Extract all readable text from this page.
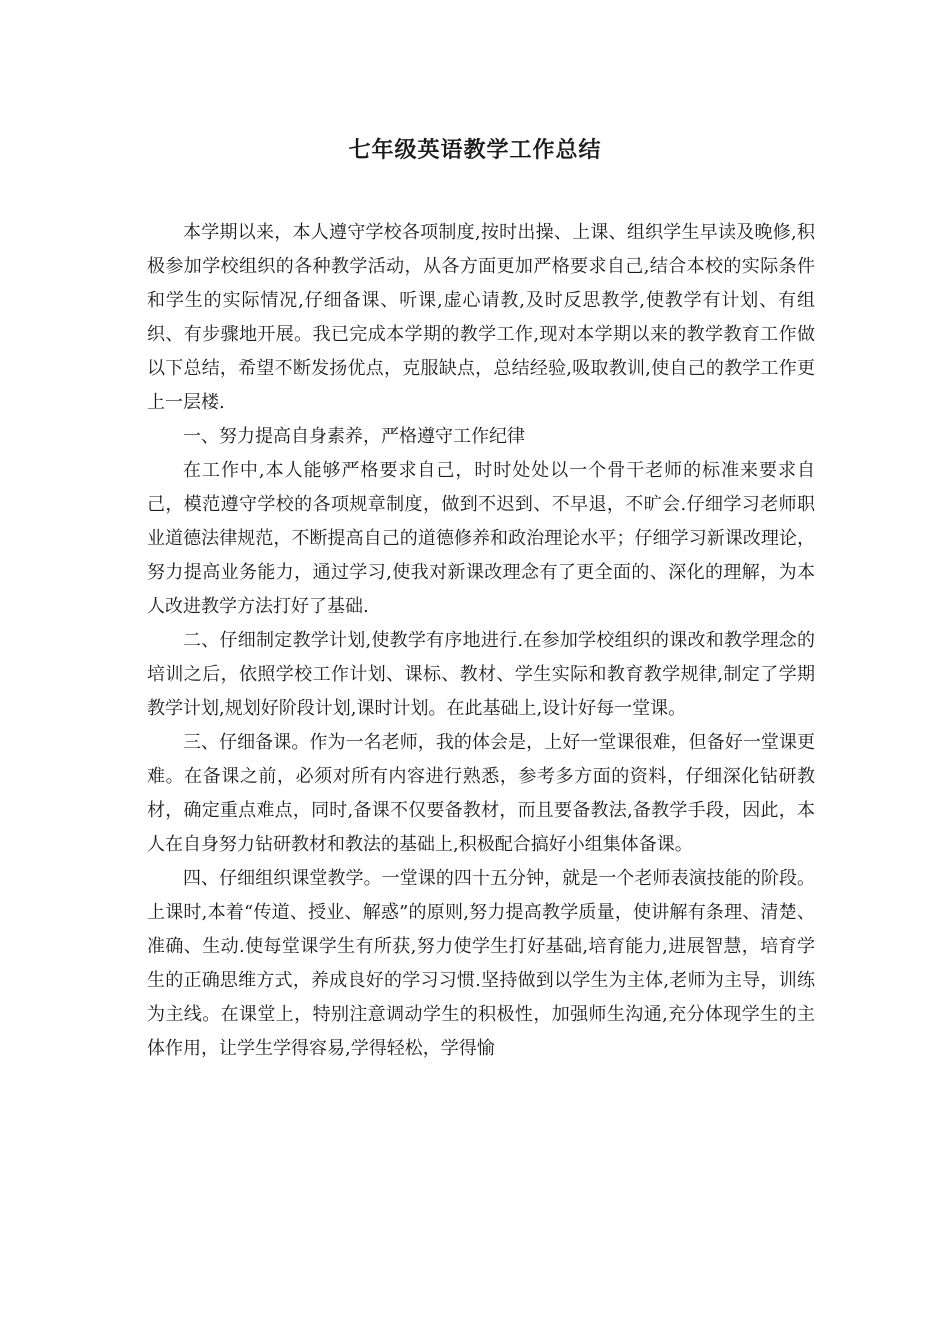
七年级英语教学工作总结

本学期以来，本人遵守学校各项制度,按时出操、上课、组织学生早读及晚修,积极参加学校组织的各种教学活动，从各方面更加严格要求自己,结合本校的实际条件和学生的实际情况,仔细备课、听课,虚心请教,及时反思教学,使教学有计划、有组织、有步骤地开展。我已完成本学期的教学工作,现对本学期以来的教学教育工作做以下总结，希望不断发扬优点，克服缺点，总结经验,吸取教训,使自己的教学工作更上一层楼.

一、努力提高自身素养，严格遵守工作纪律

在工作中,本人能够严格要求自己，时时处处以一个骨干老师的标准来要求自己，模范遵守学校的各项规章制度，做到不迟到、不早退，不旷会.仔细学习老师职业道德法律规范，不断提高自己的道德修养和政治理论水平；仔细学习新课改理论，努力提高业务能力，通过学习,使我对新课改理念有了更全面的、深化的理解，为本人改进教学方法打好了基础.

二、仔细制定教学计划,使教学有序地进行.在参加学校组织的课改和教学理念的培训之后，依照学校工作计划、课标、教材、学生实际和教育教学规律,制定了学期教学计划,规划好阶段计划,课时计划。在此基础上,设计好每一堂课。

三、仔细备课。作为一名老师，我的体会是，上好一堂课很难，但备好一堂课更难。在备课之前，必须对所有内容进行熟悉，参考多方面的资料，仔细深化钻研教材，确定重点难点，同时,备课不仅要备教材，而且要备教法,备教学手段，因此，本人在自身努力钻研教材和教法的基础上,积极配合搞好小组集体备课。

四、仔细组织课堂教学。一堂课的四十五分钟，就是一个老师表演技能的阶段。上课时,本着“传道、授业、解惑”的原则,努力提高教学质量，使讲解有条理、清楚、准确、生动.使每堂课学生有所获,努力使学生打好基础,培育能力,进展智慧，培育学生的正确思维方式，养成良好的学习习惯.坚持做到以学生为主体,老师为主导，训练为主线。在课堂上，特别注意调动学生的积极性，加强师生沟通,充分体现学生的主体作用，让学生学得容易,学得轻松，学得愉
